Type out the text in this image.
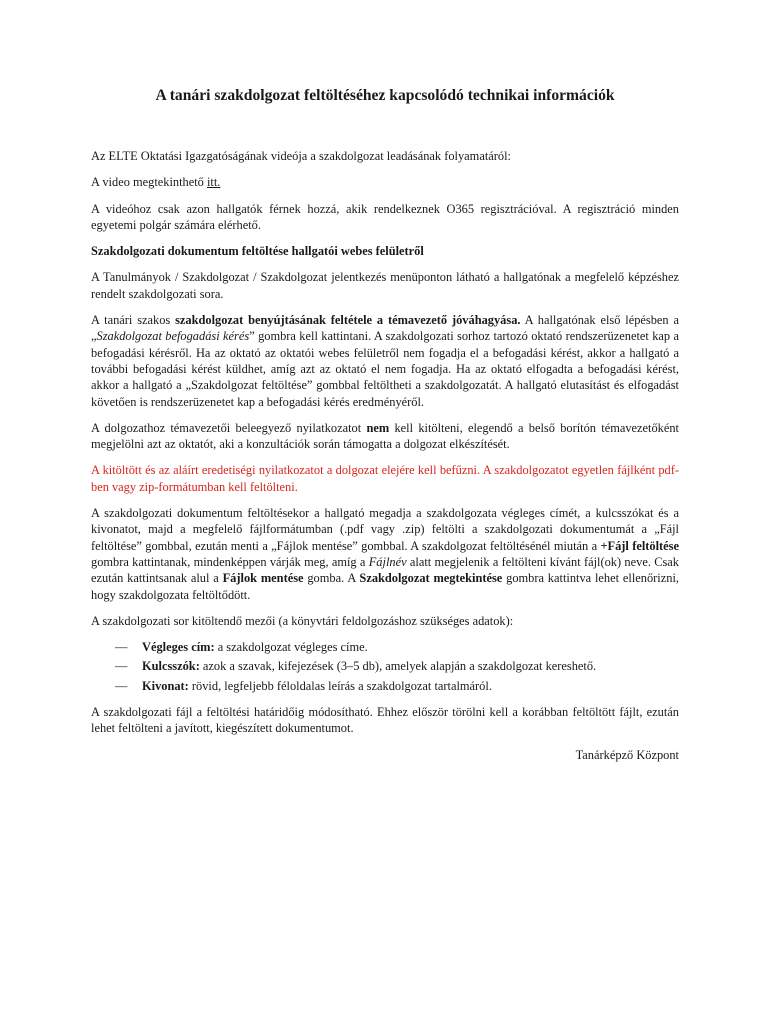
A tanári szakdolgozat feltöltéséhez kapcsolódó technikai információk

Az ELTE Oktatási Igazgatóságának videója a szakdolgozat leadásának folyamatáról:

A video megtekinthető itt.

A videóhoz csak azon hallgatók férnek hozzá, akik rendelkeznek O365 regisztrációval. A regisztráció minden egyetemi polgár számára elérhető.

Szakdolgozati dokumentum feltöltése hallgatói webes felületről

A Tanulmányok / Szakdolgozat / Szakdolgozat jelentkezés menüponton látható a hallgatónak a megfelelő képzéshez rendelt szakdolgozati sora.

A tanári szakos szakdolgozat benyújtásának feltétele a témavezető jóváhagyása. A hallgatónak első lépésben a „Szakdolgozat befogadási kérés” gombra kell kattintani. A szakdolgozati sorhoz tartozó oktató rendszerüzenetet kap a befogadási kérésről. Ha az oktató az oktatói webes felületről nem fogadja el a befogadási kérést, akkor a hallgató a további befogadási kérést küldhet, amíg azt az oktató el nem fogadja. Ha az oktató elfogadta a befogadási kérést, akkor a hallgató a „Szakdolgozat feltöltése” gombbal feltöltheti a szakdolgozatát. A hallgató elutasítást és elfogadást követően is rendszerüzenetet kap a befogadási kérés eredményéről.

A dolgozathoz témavezetői beleegyező nyilatkozatot nem kell kitölteni, elegendő a belső borítón témavezetőként megjelölni azt az oktatót, aki a konzultációk során támogatta a dolgozat elkészítését.

A kitöltött és az aláírt eredetiségi nyilatkozatot a dolgozat elejére kell befűzni. A szakdolgozatot egyetlen fájlként pdf-ben vagy zip-formátumban kell feltölteni.

A szakdolgozati dokumentum feltöltésekor a hallgató megadja a szakdolgozata végleges címét, a kulcsszókat és a kivonatot, majd a megfelelő fájlformátumban (.pdf vagy .zip) feltölti a szakdolgozati dokumentumát a „Fájl feltöltése” gombbal, ezután menti a „Fájlok mentése” gombbal. A szakdolgozat feltöltésénél miután a +Fájl feltöltése gombra kattintanak, mindenképpen várják meg, amíg a Fájlnév alatt megjelenik a feltölteni kívánt fájl(ok) neve. Csak ezután kattintsanak alul a Fájlok mentése gomba. A Szakdolgozat megtekintése gombra kattintva lehet ellenőrizni, hogy szakdolgozata feltöltődött.

A szakdolgozati sor kitöltendő mezői (a könyvtári feldolgozáshoz szükséges adatok):

—	Végleges cím: a szakdolgozat végleges címe.
—	Kulcsszók: azok a szavak, kifejezések (3–5 db), amelyek alapján a szakdolgozat kereshető.
—	Kivonat: rövid, legfeljebb féloldalas leírás a szakdolgozat tartalmáról.

A szakdolgozati fájl a feltöltési határidőig módosítható. Ehhez először törölni kell a korábban feltöltött fájlt, ezután lehet feltölteni a javított, kiegészített dokumentumot.

Tanárképző Központ
